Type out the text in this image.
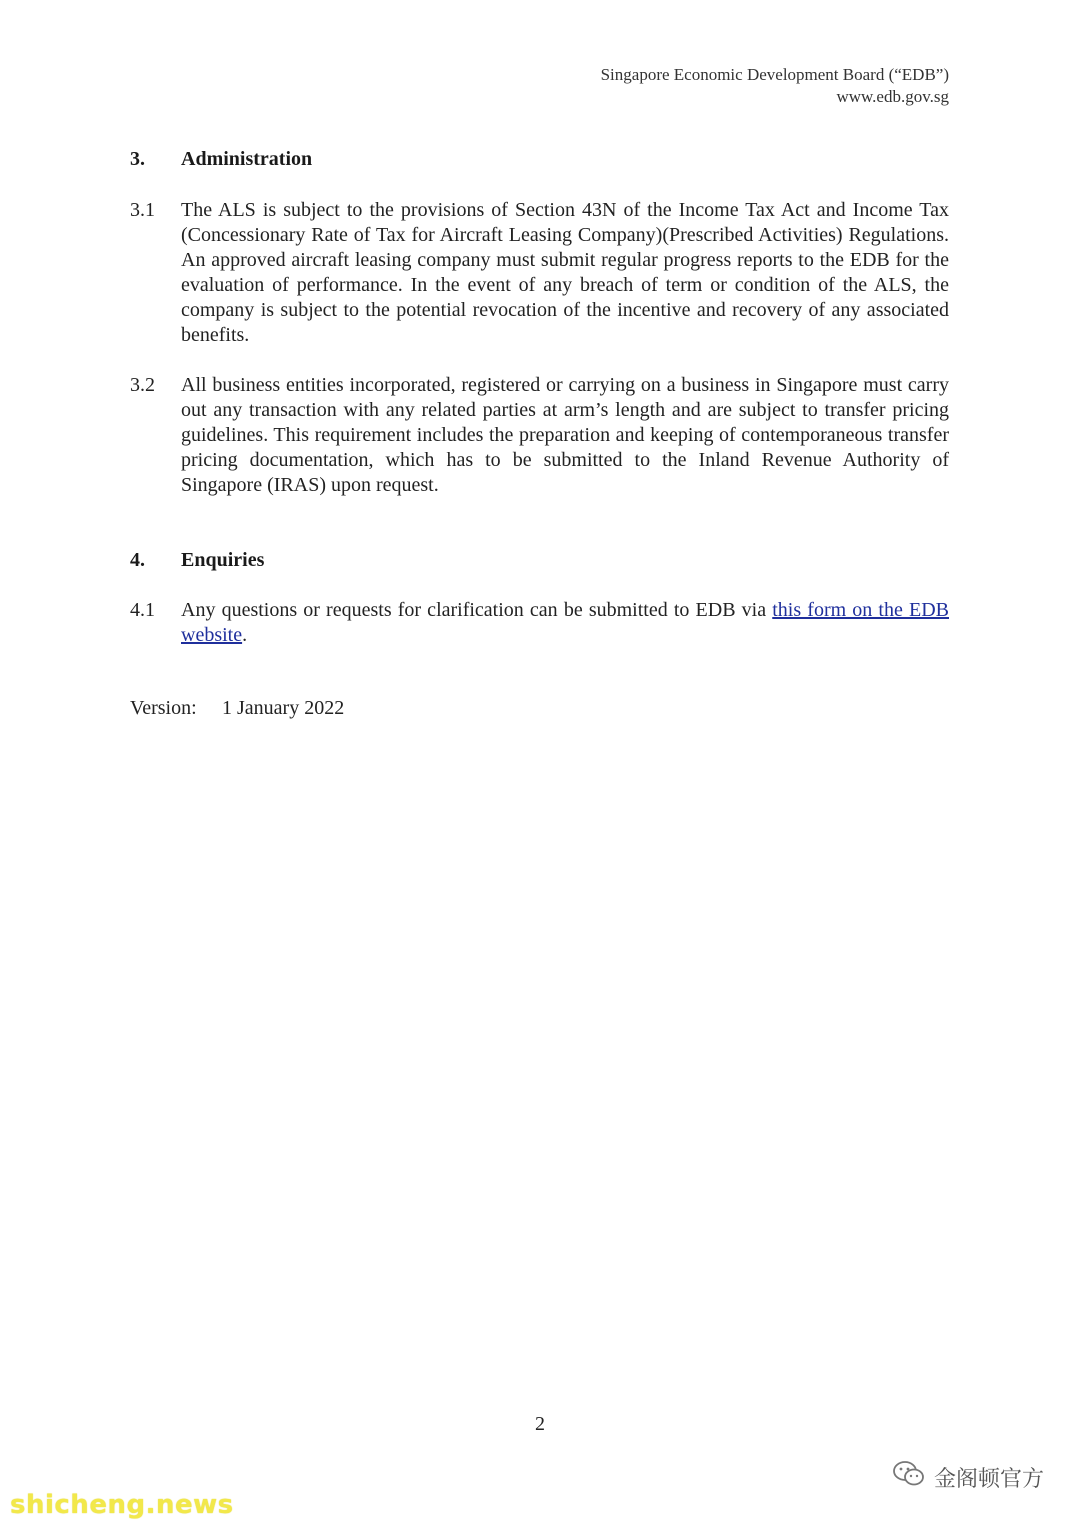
Singapore Economic Development Board (“EDB”)
www.edb.gov.sg
3. Administration
3.1 The ALS is subject to the provisions of Section 43N of the Income Tax Act and Income Tax (Concessionary Rate of Tax for Aircraft Leasing Company)(Prescribed Activities) Regulations. An approved aircraft leasing company must submit regular progress reports to the EDB for the evaluation of performance. In the event of any breach of term or condition of the ALS, the company is subject to the potential revocation of the incentive and recovery of any associated benefits.
3.2 All business entities incorporated, registered or carrying on a business in Singapore must carry out any transaction with any related parties at arm’s length and are subject to transfer pricing guidelines. This requirement includes the preparation and keeping of contemporaneous transfer pricing documentation, which has to be submitted to the Inland Revenue Authority of Singapore (IRAS) upon request.
4. Enquiries
4.1 Any questions or requests for clarification can be submitted to EDB via this form on the EDB website.
Version: 1 January 2022
2
金阁顿官方
shicheng.news
